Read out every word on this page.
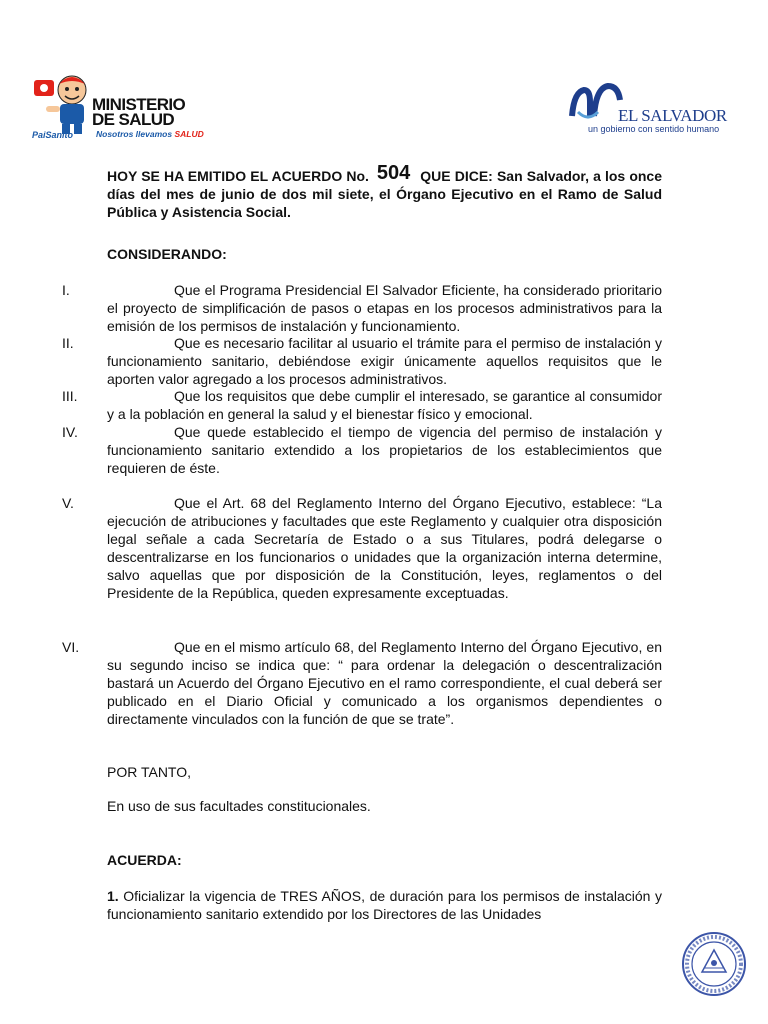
MINISTERIO
DE SALUD
PaiSanito	Nosotros llevamos SALUD
EL SALVADOR
un gobierno con sentido humano
HOY SE HA EMITIDO EL ACUERDO No. 504 QUE DICE: San Salvador, a los once días del mes de junio de dos mil siete, el Órgano Ejecutivo en el Ramo de Salud Pública y Asistencia Social.
CONSIDERANDO:
I.	Que el Programa Presidencial El Salvador Eficiente, ha considerado prioritario el proyecto de simplificación de pasos o etapas en los procesos administrativos para la emisión de los permisos de instalación y funcionamiento.
II.	Que es necesario facilitar al usuario el trámite para el permiso de instalación y funcionamiento sanitario, debiéndose exigir únicamente aquellos requisitos que le aporten valor agregado a los procesos administrativos.
III.	Que los requisitos que debe cumplir el interesado, se garantice al consumidor y a la población en general la salud y el bienestar físico y emocional.
IV.	Que quede establecido el tiempo de vigencia del permiso de instalación y funcionamiento sanitario extendido a los propietarios de los establecimientos que requieren de éste.
V.	Que el Art. 68 del Reglamento Interno del Órgano Ejecutivo, establece: “La ejecución de atribuciones y facultades que este Reglamento y cualquier otra disposición legal señale a cada Secretaría de Estado o a sus Titulares, podrá delegarse o descentralizarse en los funcionarios o unidades que la organización interna determine, salvo aquellas que por disposición de la Constitución, leyes, reglamentos o del Presidente de la República, queden expresamente exceptuadas.
VI.	Que en el mismo artículo 68, del Reglamento Interno del Órgano Ejecutivo, en su segundo inciso se indica que: “ para ordenar la delegación o descentralización bastará un Acuerdo del Órgano Ejecutivo en el ramo correspondiente, el cual deberá ser publicado en el Diario Oficial y comunicado a los organismos dependientes o directamente vinculados con la función de que se trate”.
POR TANTO,
En uso de sus facultades constitucionales.
ACUERDA:
1. Oficializar la vigencia de TRES AÑOS, de duración para los permisos de instalación y funcionamiento sanitario extendido por los Directores de las Unidades
